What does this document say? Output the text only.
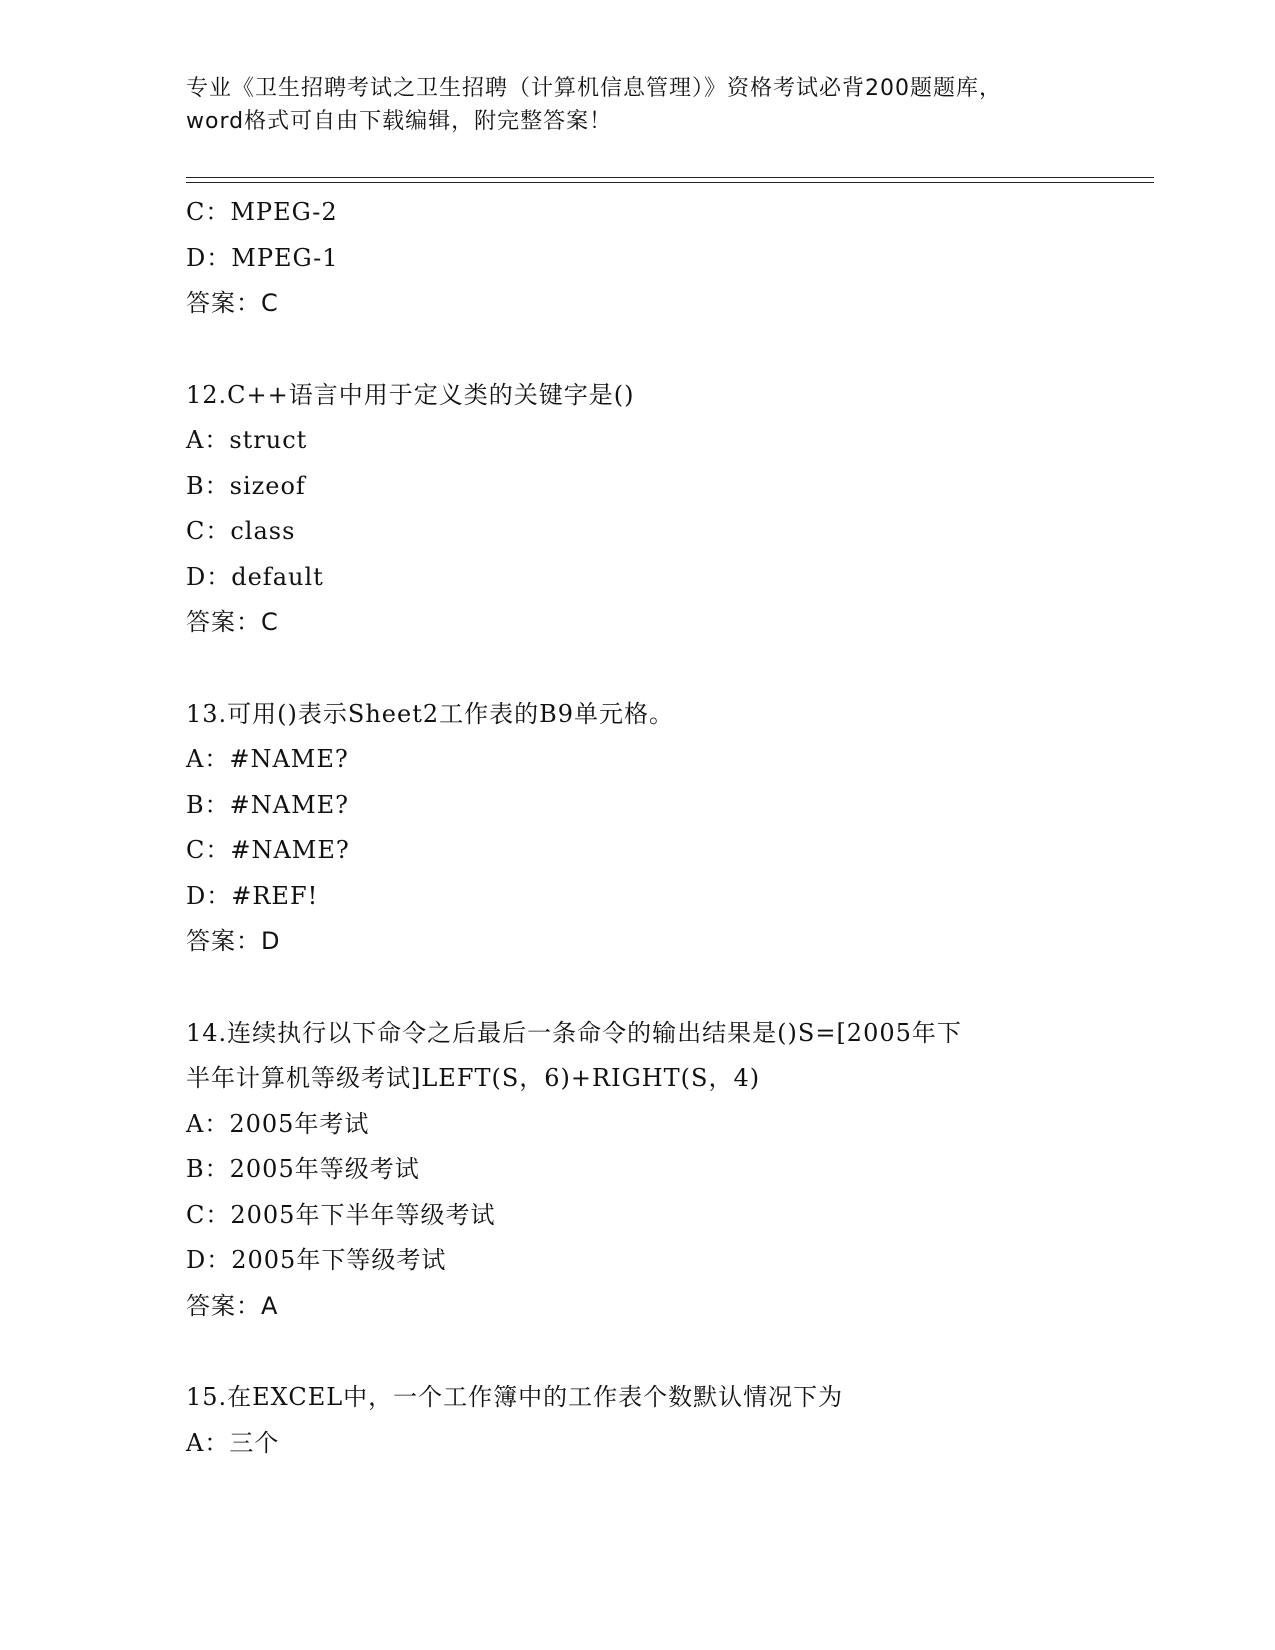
专业《卫生招聘考试之卫生招聘（计算机信息管理）》资格考试必背200题题库，
word格式可自由下载编辑，附完整答案！
C：MPEG-2
D：MPEG-1
答案：C
12.C++语言中用于定义类的关键字是()
A：struct
B：sizeof
C：class
D：default
答案：C
13.可用()表示Sheet2工作表的B9单元格。
A：#NAME?
B：#NAME?
C：#NAME?
D：#REF!
答案：D
14.连续执行以下命令之后最后一条命令的输出结果是()S=[2005年下
半年计算机等级考试]LEFT(S，6)+RIGHT(S，4)
A：2005年考试
B：2005年等级考试
C：2005年下半年等级考试
D：2005年下等级考试
答案：A
15.在EXCEL中，一个工作簿中的工作表个数默认情况下为
A：三个
